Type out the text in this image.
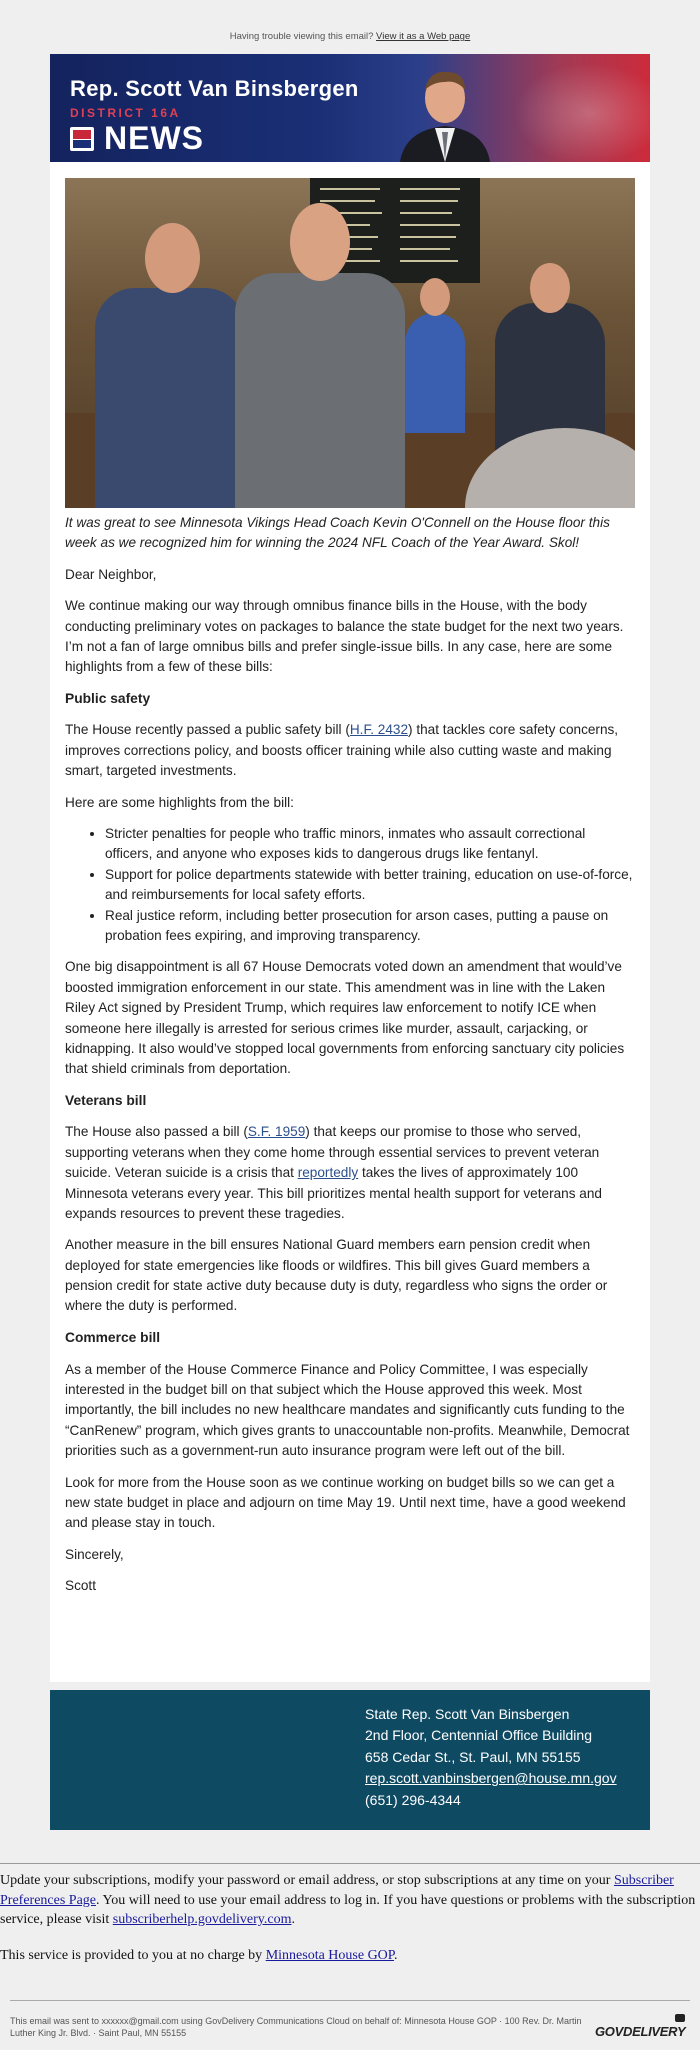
Having trouble viewing this email? View it as a Web page
Rep. Scott Van Binsbergen
DISTRICT 16A
NEWS

It was great to see Minnesota Vikings Head Coach Kevin O'Connell on the House floor this week as we recognized him for winning the 2024 NFL Coach of the Year Award. Skol!

Dear Neighbor,

We continue making our way through omnibus finance bills in the House, with the body conducting preliminary votes on packages to balance the state budget for the next two years. I’m not a fan of large omnibus bills and prefer single-issue bills. In any case, here are some highlights from a few of these bills:

Public safety

The House recently passed a public safety bill (H.F. 2432) that tackles core safety concerns, improves corrections policy, and boosts officer training while also cutting waste and making smart, targeted investments.

Here are some highlights from the bill:

• Stricter penalties for people who traffic minors, inmates who assault correctional officers, and anyone who exposes kids to dangerous drugs like fentanyl.
• Support for police departments statewide with better training, education on use-of-force, and reimbursements for local safety efforts.
• Real justice reform, including better prosecution for arson cases, putting a pause on probation fees expiring, and improving transparency.

One big disappointment is all 67 House Democrats voted down an amendment that would’ve boosted immigration enforcement in our state. This amendment was in line with the Laken Riley Act signed by President Trump, which requires law enforcement to notify ICE when someone here illegally is arrested for serious crimes like murder, assault, carjacking, or kidnapping. It also would’ve stopped local governments from enforcing sanctuary city policies that shield criminals from deportation.

Veterans bill

The House also passed a bill (S.F. 1959) that keeps our promise to those who served, supporting veterans when they come home through essential services to prevent veteran suicide. Veteran suicide is a crisis that reportedly takes the lives of approximately 100 Minnesota veterans every year. This bill prioritizes mental health support for veterans and expands resources to prevent these tragedies.

Another measure in the bill ensures National Guard members earn pension credit when deployed for state emergencies like floods or wildfires. This bill gives Guard members a pension credit for state active duty because duty is duty, regardless who signs the order or where the duty is performed.

Commerce bill

As a member of the House Commerce Finance and Policy Committee, I was especially interested in the budget bill on that subject which the House approved this week. Most importantly, the bill includes no new healthcare mandates and significantly cuts funding to the “CanRenew” program, which gives grants to unaccountable non-profits. Meanwhile, Democrat priorities such as a government-run auto insurance program were left out of the bill.

Look for more from the House soon as we continue working on budget bills so we can get a new state budget in place and adjourn on time May 19. Until next time, have a good weekend and please stay in touch.

Sincerely,

Scott

State Rep. Scott Van Binsbergen
2nd Floor, Centennial Office Building
658 Cedar St., St. Paul, MN 55155
rep.scott.vanbinsbergen@house.mn.gov
(651) 296-4344

Update your subscriptions, modify your password or email address, or stop subscriptions at any time on your Subscriber Preferences Page. You will need to use your email address to log in. If you have questions or problems with the subscription service, please visit subscriberhelp.govdelivery.com.

This service is provided to you at no charge by Minnesota House GOP.

This email was sent to xxxxxx@gmail.com using GovDelivery Communications Cloud on behalf of: Minnesota House GOP · 100 Rev. Dr. Martin Luther King Jr. Blvd. · Saint Paul, MN 55155	GOVDELIVERY
